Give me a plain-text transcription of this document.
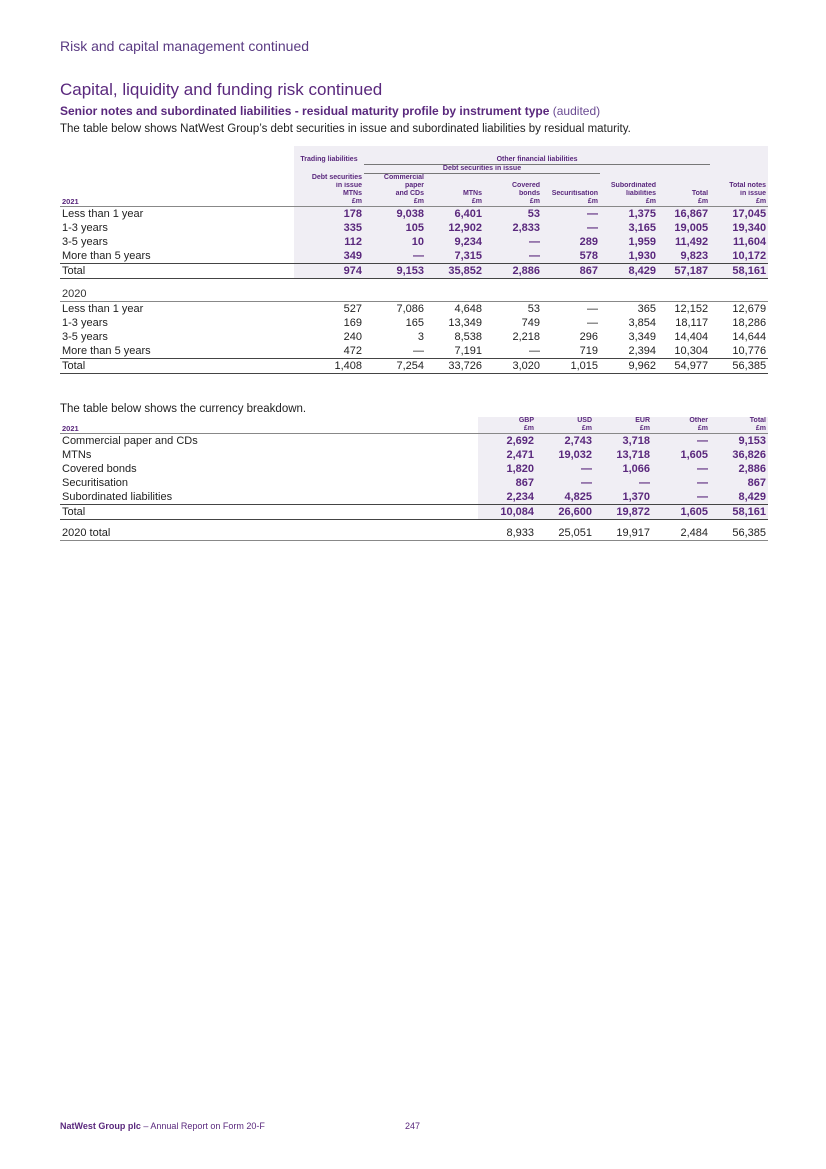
Risk and capital management continued
Capital, liquidity and funding risk continued
Senior notes and subordinated liabilities - residual maturity profile by instrument type (audited)
The table below shows NatWest Group’s debt securities in issue and subordinated liabilities by residual maturity.
	Trading liabilities	Other financial liabilities							
		Debt securities in issue							
	Debt securities	Commercial							
	in issue	paper		Covered		Subordinated		Total notes	
	MTNs	and CDs	MTNs	bonds	Securitisation	liabilities	Total	in issue	
2021	£m	£m	£m	£m	£m	£m	£m	£m	
Less than 1 year	178	9,038	6,401	53	—	1,375	16,867	17,045	
1-3 years	335	105	12,902	2,833	—	3,165	19,005	19,340	
3-5 years	112	10	9,234	—	289	1,959	11,492	11,604	
More than 5 years	349	—	7,315	—	578	1,930	9,823	10,172	
Total	974	9,153	35,852	2,886	867	8,429	57,187	58,161	
2020									
Less than 1 year	527	7,086	4,648	53	—	365	12,152	12,679	
1-3 years	169	165	13,349	749	—	3,854	18,117	18,286	
3-5 years	240	3	8,538	2,218	296	3,349	14,404	14,644	
More than 5 years	472	—	7,191	—	719	2,394	10,304	10,776	
Total	1,408	7,254	33,726	3,020	1,015	9,962	54,977	56,385	
The table below shows the currency breakdown.
	GBP	USD	EUR	Other	Total
2021	£m	£m	£m	£m	£m
Commercial paper and CDs	2,692	2,743	3,718	—	9,153
MTNs	2,471	19,032	13,718	1,605	36,826
Covered bonds	1,820	—	1,066	—	2,886
Securitisation	867	—	—	—	867
Subordinated liabilities	2,234	4,825	1,370	—	8,429
Total	10,084	26,600	19,872	1,605	58,161

2020 total	8,933	25,051	19,917	2,484	56,385
NatWest Group plc – Annual Report on Form 20-F	247
